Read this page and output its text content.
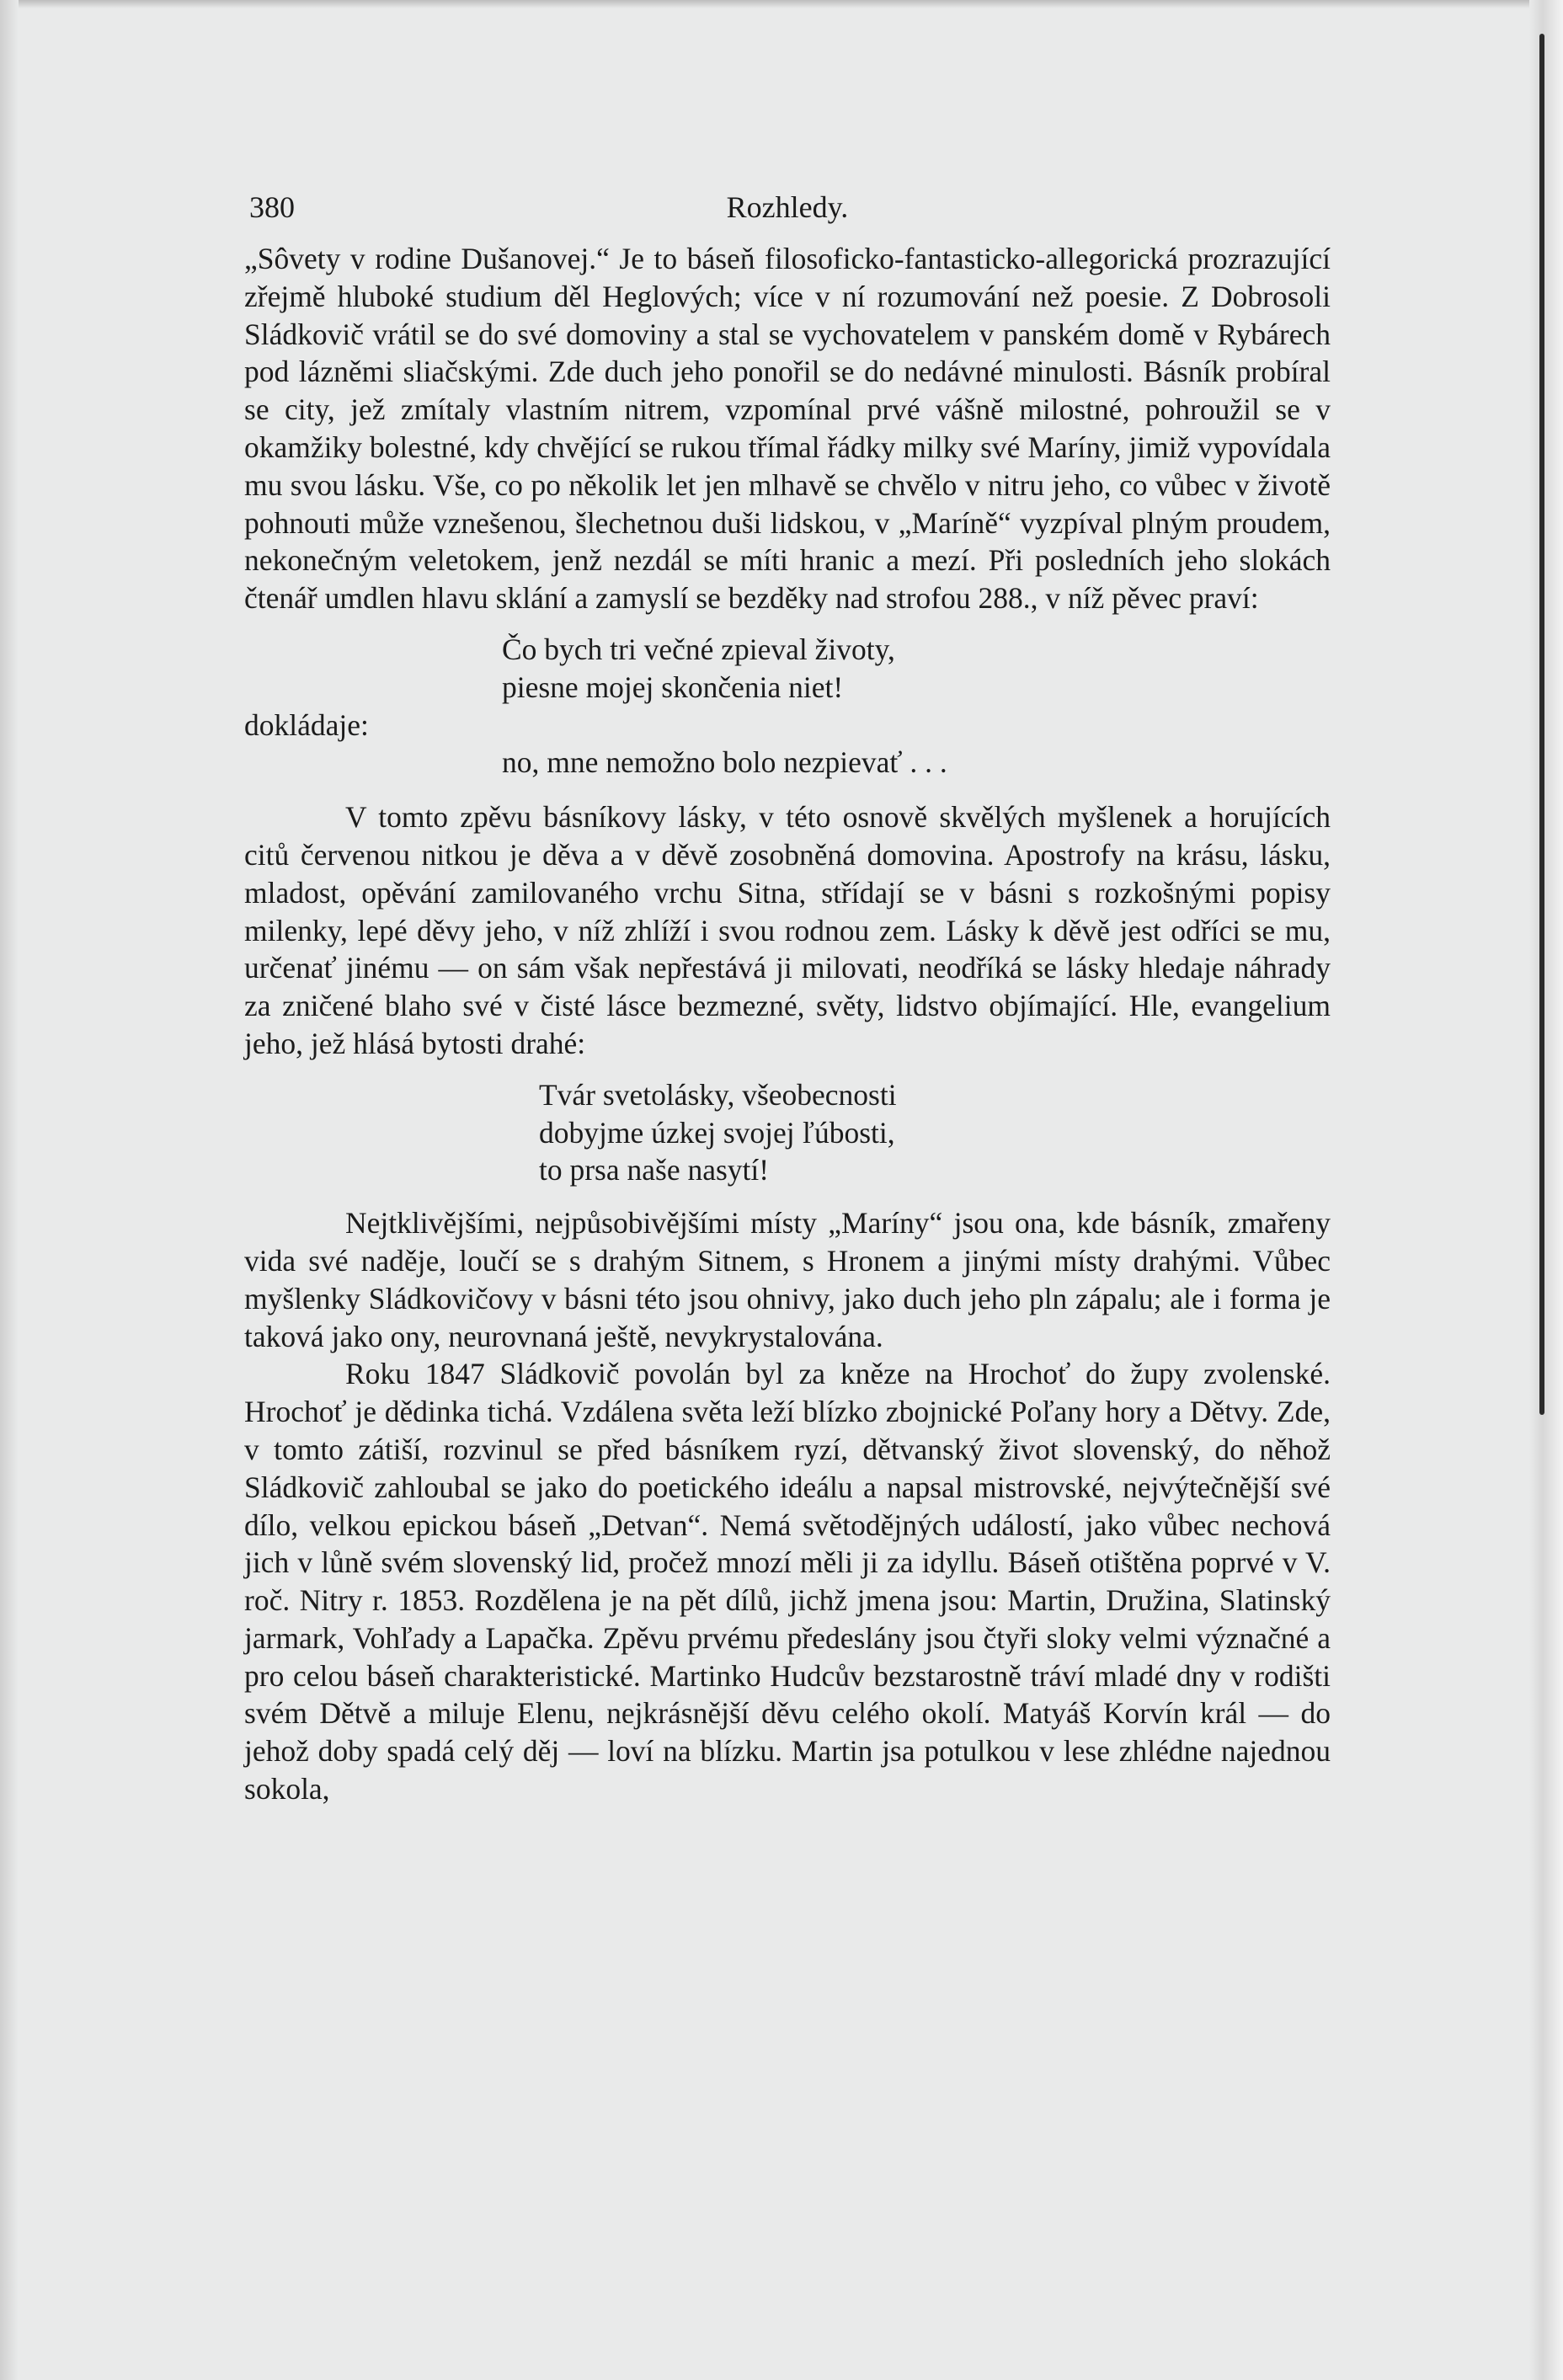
380	Rozhledy.

„Sôvety v rodine Dušanovej.“ Je to báseň filosoficko-fantasticko-allegorická prozrazující zřejmě hluboké studium děl Heglových; více v ní rozumování než poesie. Z Dobrosoli Sládkovič vrátil se do své domoviny a stal se vychovatelem v panském domě v Rybárech pod lázněmi sliačskými. Zde duch jeho ponořil se do nedávné minulosti. Básník probíral se city, jež zmítaly vlastním nitrem, vzpomínal prvé vášně milostné, pohroužil se v okamžiky bolestné, kdy chvějící se rukou třímal řádky milky své Maríny, jimiž vypovídala mu svou lásku. Vše, co po několik let jen mlhavě se chvělo v nitru jeho, co vůbec v životě pohnouti může vznešenou, šlechetnou duši lidskou, v „Maríně“ vyzpíval plným proudem, nekonečným veletokem, jenž nezdál se míti hranic a mezí. Při posledních jeho slokách čtenář umdlen hlavu sklání a zamyslí se bezděky nad strofou 288., v níž pěvec praví:

Čo bych tri večné zpieval životy,
piesne mojej skončenia niet!

dokládaje:

no, mne nemožno bolo nezpievať . . .

V tomto zpěvu básníkovy lásky, v této osnově skvělých myšlenek a horujících citů červenou nitkou je děva a v děvě zosobněná domovina. Apostrofy na krásu, lásku, mladost, opěvání zamilovaného vrchu Sitna, střídají se v básni s rozkošnými popisy milenky, lepé děvy jeho, v níž zhlíží i svou rodnou zem. Lásky k děvě jest odříci se mu, určenať jinému — on sám však nepřestává ji milovati, neodříká se lásky hledaje náhrady za zničené blaho své v čisté lásce bezmezné, světy, lidstvo objímající. Hle, evangelium jeho, jež hlásá bytosti drahé:

Tvár svetolásky, všeobecnosti
dobyjme úzkej svojej ľúbosti,
to prsa naše nasytí!

Nejtklivějšími, nejpůsobivějšími místy „Maríny“ jsou ona, kde básník, zmařeny vida své naděje, loučí se s drahým Sitnem, s Hronem a jinými místy drahými. Vůbec myšlenky Sládkovičovy v básni této jsou ohnivy, jako duch jeho pln zápalu; ale i forma je taková jako ony, neurovnaná ještě, nevykrystalována.

Roku 1847 Sládkovič povolán byl za kněze na Hrochoť do župy zvolenské. Hrochoť je dědinka tichá. Vzdálena světa leží blízko zbojnické Poľany hory a Dětvy. Zde, v tomto zátiší, rozvinul se před básníkem ryzí, dětvanský život slovenský, do něhož Sládkovič zahloubal se jako do poetického ideálu a napsal mistrovské, nejvýtečnější své dílo, velkou epickou báseň „Detvan“. Nemá světodějných událostí, jako vůbec nechová jich v lůně svém slovenský lid, pročež mnozí měli ji za idyllu. Báseň otištěna poprvé v V. roč. Nitry r. 1853. Rozdělena je na pět dílů, jichž jmena jsou: Martin, Družina, Slatinský jarmark, Vohľady a Lapačka. Zpěvu prvému předeslány jsou čtyři sloky velmi význačné a pro celou báseň charakteristické. Martinko Hudcův bezstarostně tráví mladé dny v rodišti svém Dětvě a miluje Elenu, nejkrásnější děvu celého okolí. Matyáš Korvín král — do jehož doby spadá celý děj — loví na blízku. Martin jsa potulkou v lese zhlédne najednou sokola,
